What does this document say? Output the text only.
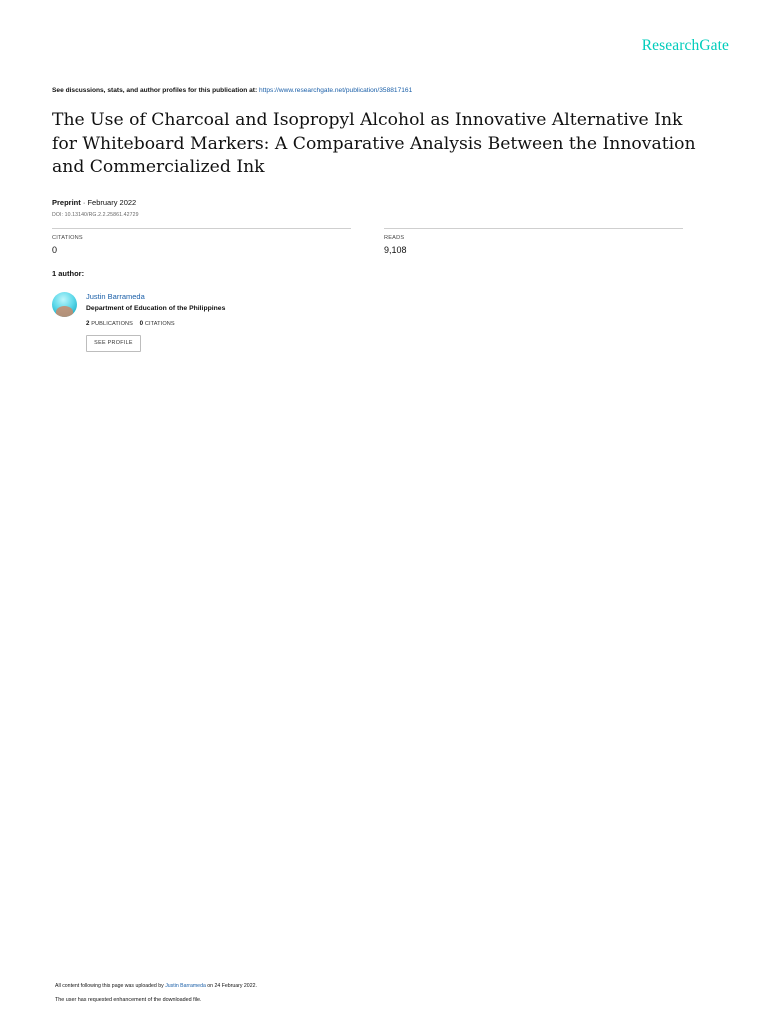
ResearchGate
See discussions, stats, and author profiles for this publication at: https://www.researchgate.net/publication/358817161
The Use of Charcoal and Isopropyl Alcohol as Innovative Alternative Ink for Whiteboard Markers: A Comparative Analysis Between the Innovation and Commercialized Ink
Preprint · February 2022
DOI: 10.13140/RG.2.2.25861.42729
CITATIONS
0
READS
9,108
1 author:
Justin Barrameda
Department of Education of the Philippines
2 PUBLICATIONS 0 CITATIONS
SEE PROFILE
All content following this page was uploaded by Justin Barrameda on 24 February 2022.
The user has requested enhancement of the downloaded file.
